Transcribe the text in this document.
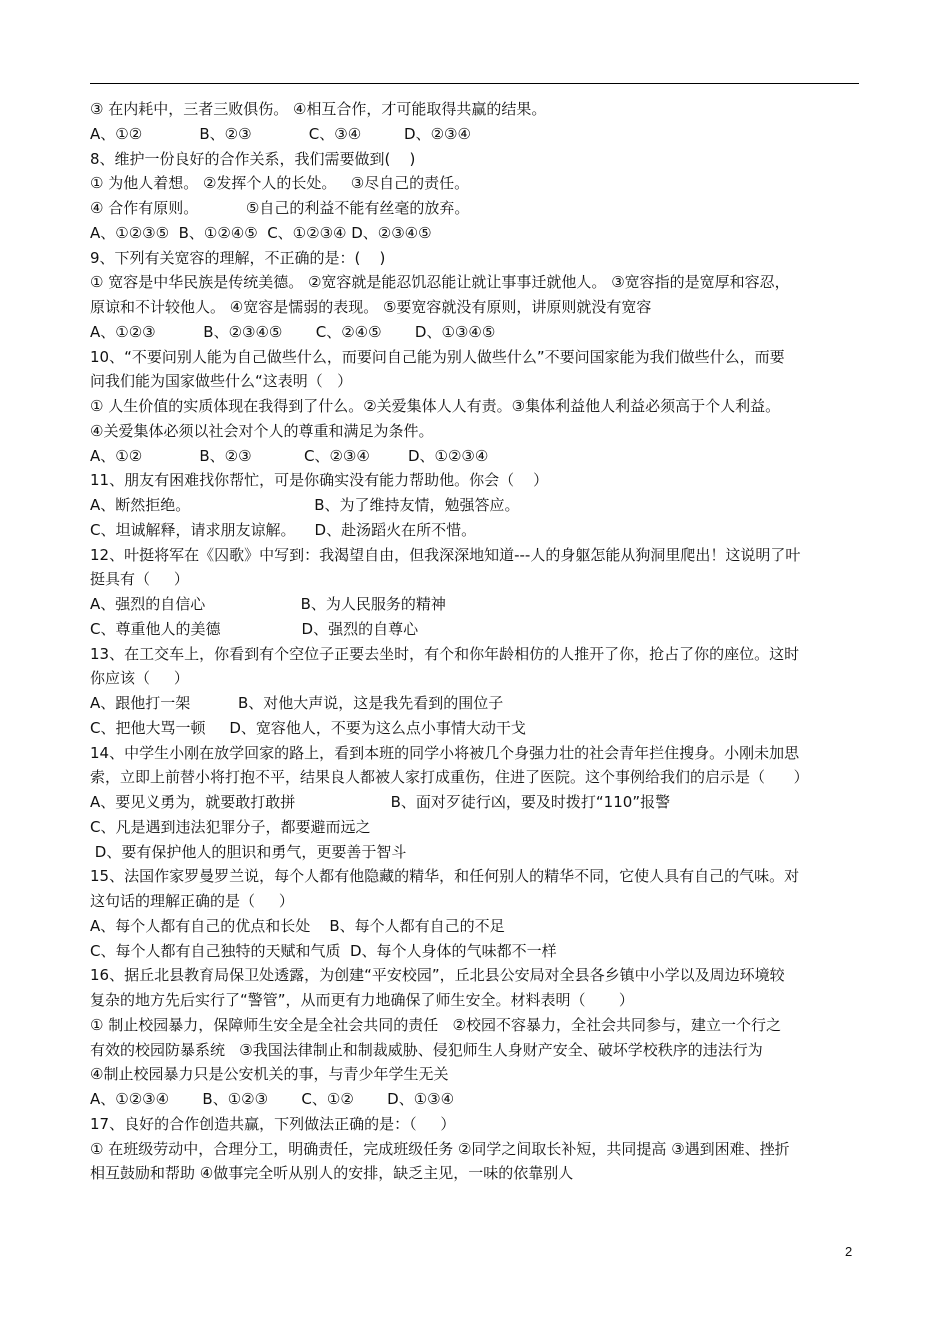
③ 在内耗中，三者三败俱伤。 ④相互合作，才可能取得共赢的结果。
A、①②            B、②③            C、③④         D、②③④
8、维护一份良好的合作关系，我们需要做到(    )
① 为他人着想。 ②发挥个人的长处。   ③尽自己的责任。
④ 合作有原则。          ⑤自己的利益不能有丝毫的放弃。
A、①②③⑤  B、①②④⑤  C、①②③④ D、②③④⑤
9、下列有关宽容的理解，不正确的是：(    )
① 宽容是中华民族是传统美德。 ②宽容就是能忍饥忍能让就让事事迁就他人。 ③宽容指的是宽厚和容忍，
原谅和不计较他人。 ④宽容是懦弱的表现。 ⑤要宽容就没有原则，讲原则就没有宽容
A、①②③          B、②③④⑤       C、②④⑤       D、①③④⑤
10、“不要问别人能为自己做些什么，而要问自己能为别人做些什么”不要问国家能为我们做些什么，而要
问我们能为国家做些什么“这表明（   ）
① 人生价值的实质体现在我得到了什么。②关爱集体人人有责。③集体利益他人利益必须高于个人利益。
④关爱集体必须以社会对个人的尊重和满足为条件。
A、①②            B、②③           C、②③④        D、①②③④
11、朋友有困难找你帮忙，可是你确实没有能力帮助他。你会（    ）
A、断然拒绝。                          B、为了维持友情，勉强答应。
C、坦诚解释，请求朋友谅解。    D、赴汤蹈火在所不惜。
12、叶挺将军在《囚歌》中写到：我渴望自由，但我深深地知道---人的身躯怎能从狗洞里爬出！这说明了叶
挺具有（     ）
A、强烈的自信心                    B、为人民服务的精神
C、尊重他人的美德                 D、强烈的自尊心
13、在工交车上，你看到有个空位子正要去坐时，有个和你年龄相仿的人推开了你，抢占了你的座位。这时
你应该（     ）
A、跟他打一架          B、对他大声说，这是我先看到的围位子
C、把他大骂一顿     D、宽容他人，不要为这么点小事情大动干戈
14、中学生小刚在放学回家的路上，看到本班的同学小将被几个身强力壮的社会青年拦住搜身。小刚未加思
索，立即上前替小将打抱不平，结果良人都被人家打成重伤，住进了医院。这个事例给我们的启示是（      ）
A、要见义勇为，就要敢打敢拼                    B、面对歹徒行凶，要及时拨打“110”报警
C、凡是遇到违法犯罪分子，都要避而远之
D、要有保护他人的胆识和勇气，更要善于智斗
15、法国作家罗曼罗兰说，每个人都有他隐藏的精华，和任何别人的精华不同，它使人具有自己的气味。对
这句话的理解正确的是（     ）
A、每个人都有自己的优点和长处    B、每个人都有自己的不足
C、每个人都有自己独特的天赋和气质  D、每个人身体的气味都不一样
16、据丘北县教育局保卫处透露，为创建“平安校园”，丘北县公安局对全县各乡镇中小学以及周边环境较
复杂的地方先后实行了“警管”，从而更有力地确保了师生安全。材料表明（       ）
① 制止校园暴力，保障师生安全是全社会共同的责任   ②校园不容暴力，全社会共同参与，建立一个行之
有效的校园防暴系统   ③我国法律制止和制裁威胁、侵犯师生人身财产安全、破坏学校秩序的违法行为
④制止校园暴力只是公安机关的事，与青少年学生无关
A、①②③④       B、①②③       C、①②       D、①③④
17、良好的合作创造共赢，下列做法正确的是：（     ）
① 在班级劳动中，合理分工，明确责任，完成班级任务 ②同学之间取长补短，共同提高 ③遇到困难、挫折
相互鼓励和帮助 ④做事完全听从别人的安排，缺乏主见，一味的依靠别人
2
